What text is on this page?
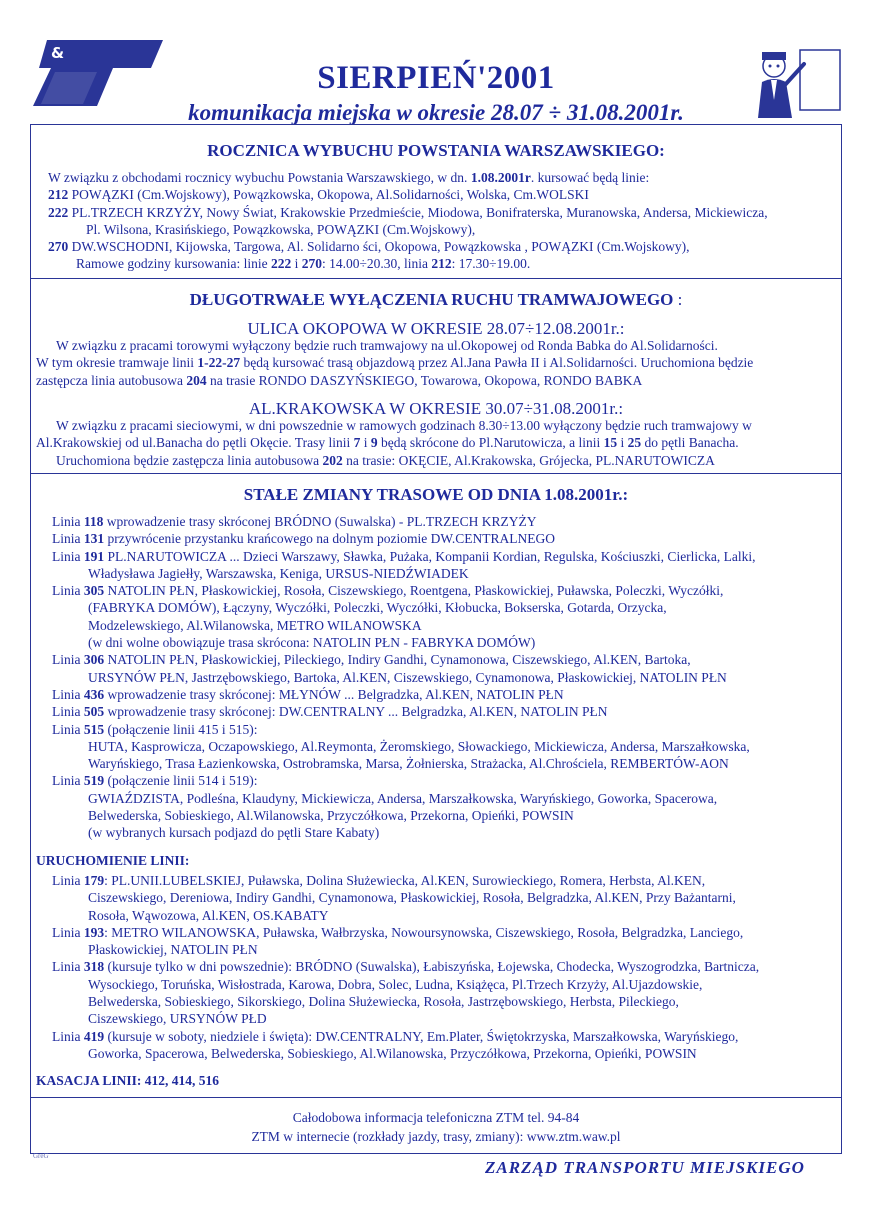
&
SIERPIEŃ'2001
komunikacja miejska w okresie 28.07 ÷ 31.08.2001r.
ROCZNICA WYBUCHU POWSTANIA WARSZAWSKIEGO:
W związku z obchodami rocznicy wybuchu Powstania Warszawskiego, w dn. 1.08.2001r. kursować będą linie:
212 POWĄZKI (Cm.Wojskowy), Powązkowska, Okopowa, Al.Solidarności, Wolska, Cm.WOLSKI
222 PL.TRZECH KRZYŻY, Nowy Świat, Krakowskie Przedmieście, Miodowa, Bonifraterska, Muranowska, Andersa, Mickiewicza,
Pl. Wilsona, Krasińskiego, Powązkowska, POWĄZKI (Cm.Wojskowy),
270 DW.WSCHODNI, Kijowska, Targowa, Al. Solidarno ści, Okopowa, Powązkowska , POWĄZKI (Cm.Wojskowy),
Ramowe godziny kursowania: linie 222 i 270: 14.00÷20.30, linia 212: 17.30÷19.00.
DŁUGOTRWAŁE WYŁĄCZENIA RUCHU TRAMWAJOWEGO :
ULICA OKOPOWA W OKRESIE 28.07÷12.08.2001r.:
W związku z pracami torowymi wyłączony będzie ruch tramwajowy na ul.Okopowej od Ronda Babka do Al.Solidarności.
W tym okresie tramwaje linii 1-22-27 będą kursować trasą objazdową przez Al.Jana Pawła II i Al.Solidarności. Uruchomiona będzie
zastępcza linia autobusowa 204 na trasie RONDO DASZYŃSKIEGO, Towarowa, Okopowa, RONDO BABKA
AL.KRAKOWSKA W OKRESIE 30.07÷31.08.2001r.:
W związku z pracami sieciowymi, w dni powszednie w ramowych godzinach 8.30÷13.00 wyłączony będzie ruch tramwajowy w
Al.Krakowskiej od ul.Banacha do pętli Okęcie. Trasy linii 7 i 9 będą skrócone do Pl.Narutowicza, a linii 15 i 25 do pętli Banacha.
Uruchomiona będzie zastępcza linia autobusowa 202 na trasie: OKĘCIE, Al.Krakowska, Grójecka, PL.NARUTOWICZA
STAŁE ZMIANY TRASOWE OD DNIA 1.08.2001r.:
Linia 118 wprowadzenie trasy skróconej BRÓDNO (Suwalska) - PL.TRZECH KRZYŻY
Linia 131 przywrócenie przystanku krańcowego na dolnym poziomie DW.CENTRALNEGO
Linia 191 PL.NARUTOWICZA ... Dzieci Warszawy, Sławka, Pużaka, Kompanii Kordian, Regulska, Kościuszki, Cierlicka, Lalki,
Władysława Jagiełły, Warszawska, Keniga, URSUS-NIEDŹWIADEK
Linia 305 NATOLIN PŁN, Płaskowickiej, Rosoła, Ciszewskiego, Roentgena, Płaskowickiej, Puławska, Poleczki, Wyczółki,
(FABRYKA DOMÓW), Łączyny, Wyczółki, Poleczki, Wyczółki, Kłobucka, Bokserska, Gotarda, Orzycka,
Modzelewskiego, Al.Wilanowska, METRO WILANOWSKA
(w dni wolne obowiązuje trasa skrócona: NATOLIN PŁN - FABRYKA DOMÓW)
Linia 306 NATOLIN PŁN, Płaskowickiej, Pileckiego, Indiry Gandhi, Cynamonowa, Ciszewskiego, Al.KEN, Bartoka,
URSYNÓW PŁN, Jastrzębowskiego, Bartoka, Al.KEN, Ciszewskiego, Cynamonowa, Płaskowickiej, NATOLIN PŁN
Linia 436 wprowadzenie trasy skróconej: MŁYNÓW ... Belgradzka, Al.KEN, NATOLIN PŁN
Linia 505 wprowadzenie trasy skróconej: DW.CENTRALNY ... Belgradzka, Al.KEN, NATOLIN PŁN
Linia 515 (połączenie linii 415 i 515):
HUTA, Kasprowicza, Oczapowskiego, Al.Reymonta, Żeromskiego, Słowackiego, Mickiewicza, Andersa, Marszałkowska,
Waryńskiego, Trasa Łazienkowska, Ostrobramska, Marsa, Żołnierska, Strażacka, Al.Chrościela, REMBERTÓW-AON
Linia 519 (połączenie linii 514 i 519):
GWIAŹDZISTA, Podleśna, Klaudyny, Mickiewicza, Andersa, Marszałkowska, Waryńskiego, Goworka, Spacerowa,
Belwederska, Sobieskiego, Al.Wilanowska, Przyczółkowa, Przekorna, Opieńki, POWSIN
(w wybranych kursach podjazd do pętli Stare Kabaty)
URUCHOMIENIE LINII:
Linia 179: PL.UNII.LUBELSKIEJ, Puławska, Dolina Służewiecka, Al.KEN, Surowieckiego, Romera, Herbsta, Al.KEN,
Ciszewskiego, Dereniowa, Indiry Gandhi, Cynamonowa, Płaskowickiej, Rosoła, Belgradzka, Al.KEN, Przy Bażantarni,
Rosoła, Wąwozowa, Al.KEN, OS.KABATY
Linia 193: METRO WILANOWSKA, Puławska, Wałbrzyska, Nowoursynowska, Ciszewskiego, Rosoła, Belgradzka, Lanciego,
Płaskowickiej, NATOLIN PŁN
Linia 318 (kursuje tylko w dni powszednie): BRÓDNO (Suwalska), Łabiszyńska, Łojewska, Chodecka, Wyszogrodzka, Bartnicza,
Wysockiego, Toruńska, Wisłostrada, Karowa, Dobra, Solec, Ludna, Książęca, Pl.Trzech Krzyży, Al.Ujazdowskie,
Belwederska, Sobieskiego, Sikorskiego, Dolina Służewiecka, Rosoła, Jastrzębowskiego, Herbsta, Pileckiego,
Ciszewskiego, URSYNÓW PŁD
Linia 419 (kursuje w soboty, niedziele i święta): DW.CENTRALNY, Em.Plater, Świętokrzyska, Marszałkowska, Waryńskiego,
Goworka, Spacerowa, Belwederska, Sobieskiego, Al.Wilanowska, Przyczółkowa, Przekorna, Opieńki, POWSIN
KASACJA LINII: 412, 414, 516
Całodobowa informacja telefoniczna ZTM tel. 94-84
ZTM w internecie (rozkłady jazdy, trasy, zmiany): www.ztm.waw.pl
GreG
ZARZĄD TRANSPORTU MIEJSKIEGO
